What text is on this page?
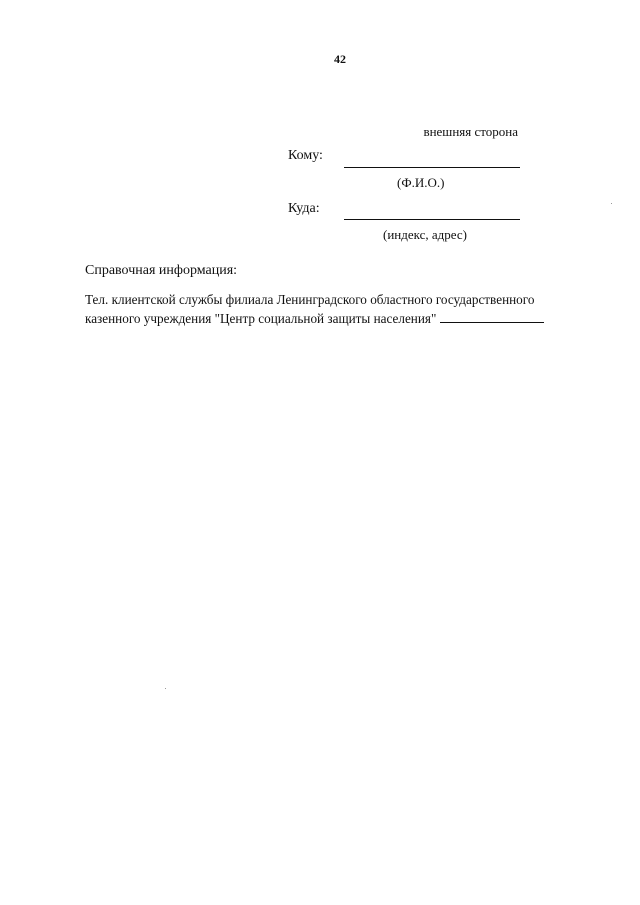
42
внешняя сторона
Кому:
(Ф.И.О.)
Куда:
(индекс, адрес)
Справочная информация:
Тел. клиентской службы филиала Ленинградского областного государственного
казенного учреждения "Центр социальной защиты населения"
